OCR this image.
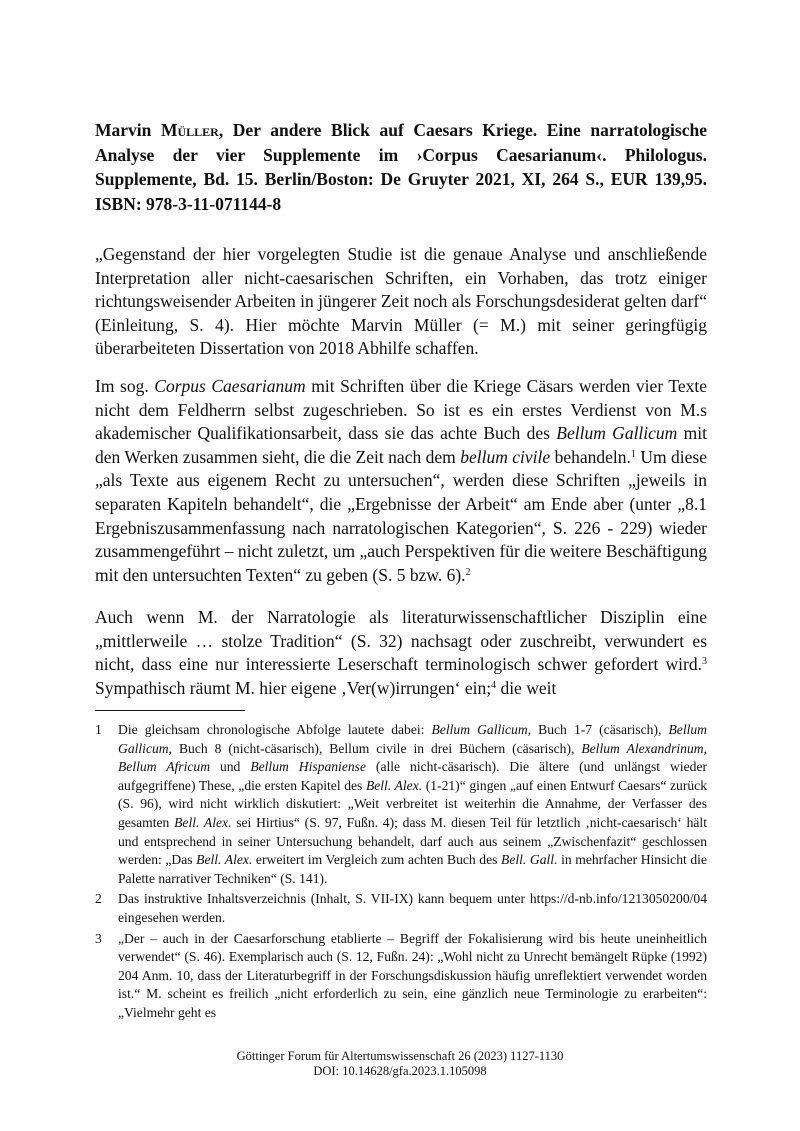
Marvin Müller, Der andere Blick auf Caesars Kriege. Eine narratologische Analyse der vier Supplemente im ›Corpus Caesarianum‹. Philologus. Supplemente, Bd. 15. Berlin/Boston: De Gruyter 2021, XI, 264 S., EUR 139,95. ISBN: 978-3-11-071144-8

„Gegenstand der hier vorgelegten Studie ist die genaue Analyse und anschließende Interpretation aller nicht-caesarischen Schriften, ein Vorhaben, das trotz einiger richtungsweisender Arbeiten in jüngerer Zeit noch als Forschungsdesiderat gelten darf“ (Einleitung, S. 4). Hier möchte Marvin Müller (= M.) mit seiner geringfügig überarbeiteten Dissertation von 2018 Abhilfe schaffen.

Im sog. Corpus Caesarianum mit Schriften über die Kriege Cäsars werden vier Texte nicht dem Feldherrn selbst zugeschrieben. So ist es ein erstes Verdienst von M.s akademischer Qualifikationsarbeit, dass sie das achte Buch des Bellum Gallicum mit den Werken zusammen sieht, die die Zeit nach dem bellum civile behandeln.$^1$ Um diese „als Texte aus eigenem Recht zu untersuchen“, werden diese Schriften „jeweils in separaten Kapiteln behandelt“, die „Ergebnisse der Arbeit“ am Ende aber (unter „8.1 Ergebniszusammenfassung nach narratologischen Kategorien“, S. 226 - 229) wieder zusammengeführt – nicht zuletzt, um „auch Perspektiven für die weitere Beschäftigung mit den untersuchten Texten“ zu geben (S. 5 bzw. 6).$^2$

Auch wenn M. der Narratologie als literaturwissenschaftlicher Disziplin eine „mittlerweile … stolze Tradition“ (S. 32) nachsagt oder zuschreibt, verwundert es nicht, dass eine nur interessierte Leserschaft terminologisch schwer gefordert wird.$^3$ Sympathisch räumt M. hier eigene ‚Ver(w)irrungen‘ ein;$^4$ die weit

1	Die gleichsam chronologische Abfolge lautete dabei: Bellum Gallicum, Buch 1-7 (cäsarisch), Bellum Gallicum, Buch 8 (nicht-cäsarisch), Bellum civile in drei Büchern (cäsarisch), Bellum Alexandrinum, Bellum Africum und Bellum Hispaniense (alle nicht-cäsarisch). Die ältere (und unlängst wieder aufgegriffene) These, „die ersten Kapitel des Bell. Alex. (1-21)“ gingen „auf einen Entwurf Caesars“ zurück (S. 96), wird nicht wirklich diskutiert: „Weit verbreitet ist weiterhin die Annahme, der Verfasser des gesamten Bell. Alex. sei Hirtius“ (S. 97, Fußn. 4); dass M. diesen Teil für letztlich ‚nicht-caesarisch‘ hält und entsprechend in seiner Untersuchung behandelt, darf auch aus seinem „Zwischenfazit“ geschlossen werden: „Das Bell. Alex. erweitert im Vergleich zum achten Buch des Bell. Gall. in mehrfacher Hinsicht die Palette narrativer Techniken“ (S. 141).
2	Das instruktive Inhaltsverzeichnis (Inhalt, S. VII-IX) kann bequem unter https://d-nb.info/1213050200/04 eingesehen werden.
3	„Der – auch in der Caesarforschung etablierte – Begriff der Fokalisierung wird bis heute uneinheitlich verwendet“ (S. 46). Exemplarisch auch (S. 12, Fußn. 24): „Wohl nicht zu Unrecht bemängelt Rüpke (1992) 204 Anm. 10, dass der Literaturbegriff in der Forschungsdiskussion häufig unreflektiert verwendet worden ist.“ M. scheint es freilich „nicht erforderlich zu sein, eine gänzlich neue Terminologie zu erarbeiten“: „Vielmehr geht es
Göttinger Forum für Altertumswissenschaft 26 (2023) 1127-1130
DOI: 10.14628/gfa.2023.1.105098
